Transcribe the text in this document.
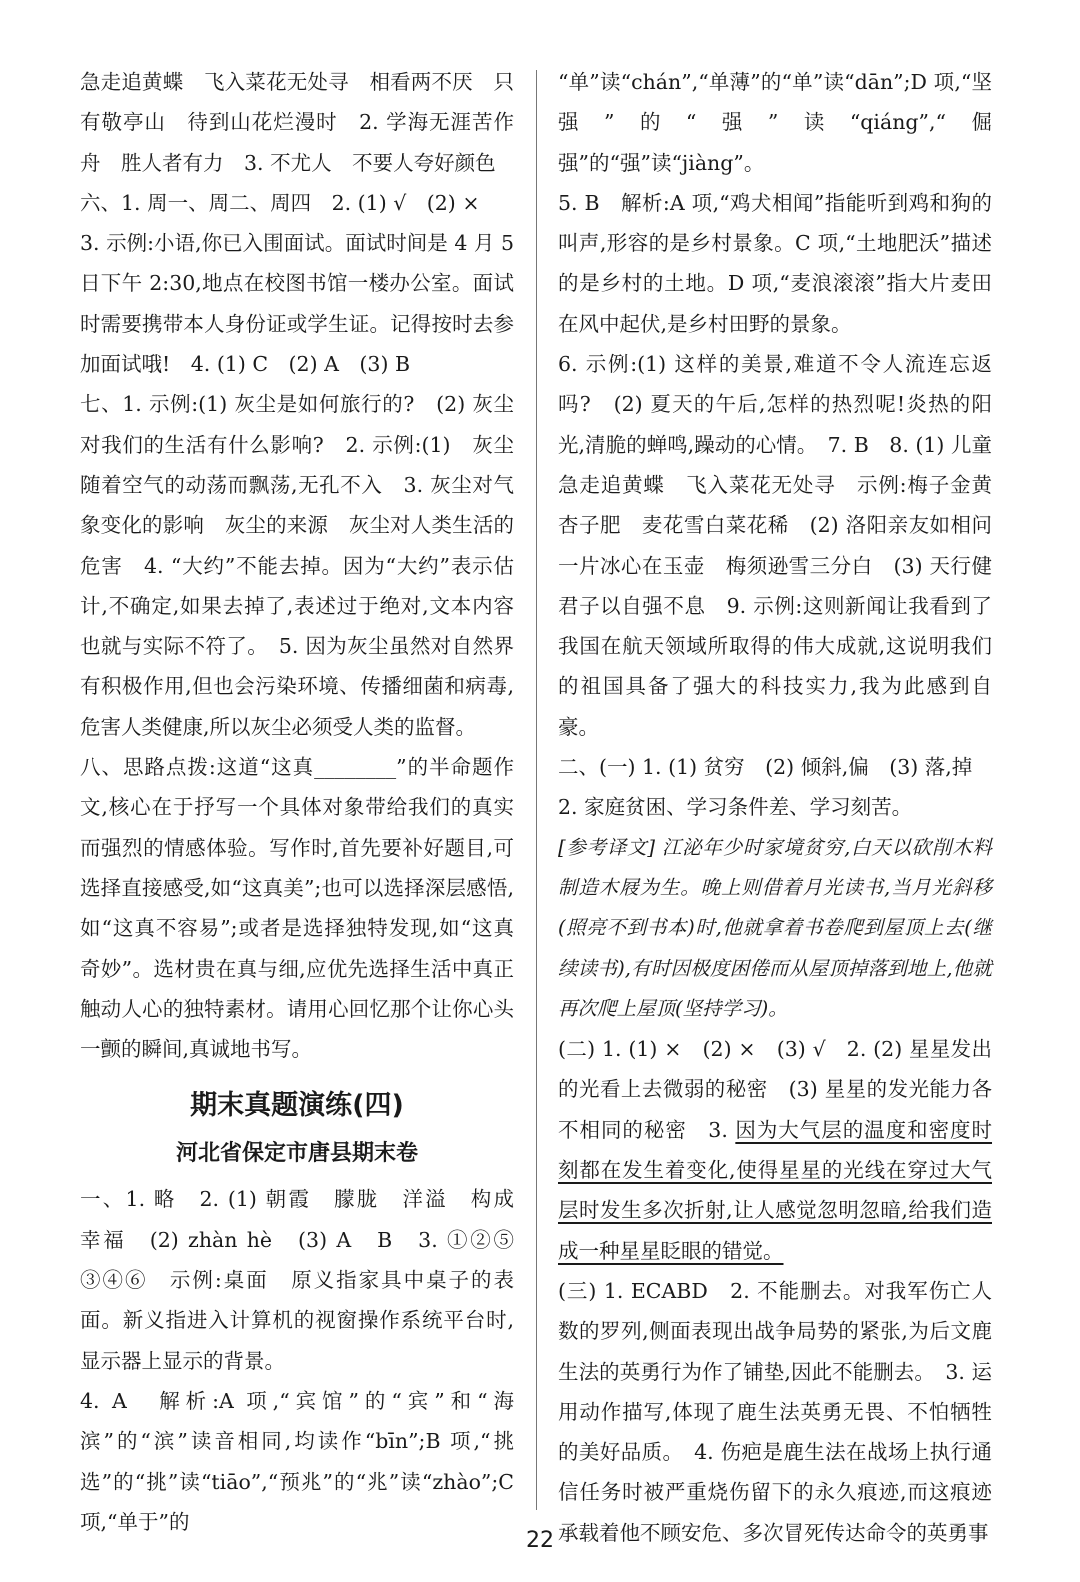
急走追黄蝶　飞入菜花无处寻　相看两不厌　只有敬亭山　待到山花烂漫时　2. 学海无涯苦作舟　胜人者有力　3. 不尤人　不要人夸好颜色

六、1. 周一、周二、周四　2. (1) √　(2) ×

3. 示例:小语,你已入围面试。面试时间是 4 月 5 日下午 2:30,地点在校图书馆一楼办公室。面试时需要携带本人身份证或学生证。记得按时去参加面试哦!　4. (1) C　(2) A　(3) B

七、1. 示例:(1) 灰尘是如何旅行的?　(2) 灰尘对我们的生活有什么影响?　2. 示例:(1)　灰尘随着空气的动荡而飘荡,无孔不入　3. 灰尘对气象变化的影响　灰尘的来源　灰尘对人类生活的危害　4. “大约”不能去掉。因为“大约”表示估计,不确定,如果去掉了,表述过于绝对,文本内容也就与实际不符了。　5. 因为灰尘虽然对自然界有积极作用,但也会污染环境、传播细菌和病毒,危害人类健康,所以灰尘必须受人类的监督。

八、思路点拨:这道“这真________”的半命题作文,核心在于抒写一个具体对象带给我们的真实而强烈的情感体验。写作时,首先要补好题目,可选择直接感受,如“这真美”;也可以选择深层感悟,如“这真不容易”;或者是选择独特发现,如“这真奇妙”。选材贵在真与细,应优先选择生活中真正触动人心的独特素材。请用心回忆那个让你心头一颤的瞬间,真诚地书写。

期末真题演练(四)
河北省保定市唐县期末卷

一、1. 略　2. (1) 朝霞　朦胧　洋溢　构成　幸福　(2) zhàn hè　(3) A　B　3. ①②⑤　③④⑥　示例:桌面　原义指家具中桌子的表面。新义指进入计算机的视窗操作系统平台时,显示器上显示的背景。

4. A　解析:A 项,“宾馆”的“宾”和“海滨”的“滨”读音相同,均读作“bīn”;B 项,“挑选”的“挑”读“tiāo”,“预兆”的“兆”读“zhào”;C 项,“单于”的

“单”读“chán”,“单薄”的“单”读“dān”;D 项,“坚强”的“强”读“qiáng”,“倔强”的“强”读“jiàng”。

5. B　解析:A 项,“鸡犬相闻”指能听到鸡和狗的叫声,形容的是乡村景象。C 项,“土地肥沃”描述的是乡村的土地。D 项,“麦浪滚滚”指大片麦田在风中起伏,是乡村田野的景象。

6. 示例:(1) 这样的美景,难道不令人流连忘返吗?　(2) 夏天的午后,怎样的热烈呢!炎热的阳光,清脆的蝉鸣,躁动的心情。　7. B　8. (1) 儿童急走追黄蝶　飞入菜花无处寻　示例:梅子金黄杏子肥　麦花雪白菜花稀　(2) 洛阳亲友如相问　一片冰心在玉壶　梅须逊雪三分白　(3) 天行健　君子以自强不息　9. 示例:这则新闻让我看到了我国在航天领域所取得的伟大成就,这说明我们的祖国具备了强大的科技实力,我为此感到自豪。

二、(一) 1. (1) 贫穷　(2) 倾斜,偏　(3) 落,掉

2. 家庭贫困、学习条件差、学习刻苦。

[参考译文] 江泌年少时家境贫穷,白天以砍削木料制造木屐为生。晚上则借着月光读书,当月光斜移(照亮不到书本)时,他就拿着书卷爬到屋顶上去(继续读书),有时因极度困倦而从屋顶掉落到地上,他就再次爬上屋顶(坚持学习)。

(二) 1. (1) ×　(2) ×　(3) √　2. (2) 星星发出的光看上去微弱的秘密　(3) 星星的发光能力各不相同的秘密　3. 因为大气层的温度和密度时刻都在发生着变化,使得星星的光线在穿过大气层时发生多次折射,让人感觉忽明忽暗,给我们造成一种星星眨眼的错觉。

(三) 1. ECABD　2. 不能删去。对我军伤亡人数的罗列,侧面表现出战争局势的紧张,为后文鹿生法的英勇行为作了铺垫,因此不能删去。　3. 运用动作描写,体现了鹿生法英勇无畏、不怕牺牲的美好品质。　4. 伤疤是鹿生法在战场上执行通信任务时被严重烧伤留下的永久痕迹,而这痕迹承载着他不顾安危、多次冒死传达命令的英勇事

22
